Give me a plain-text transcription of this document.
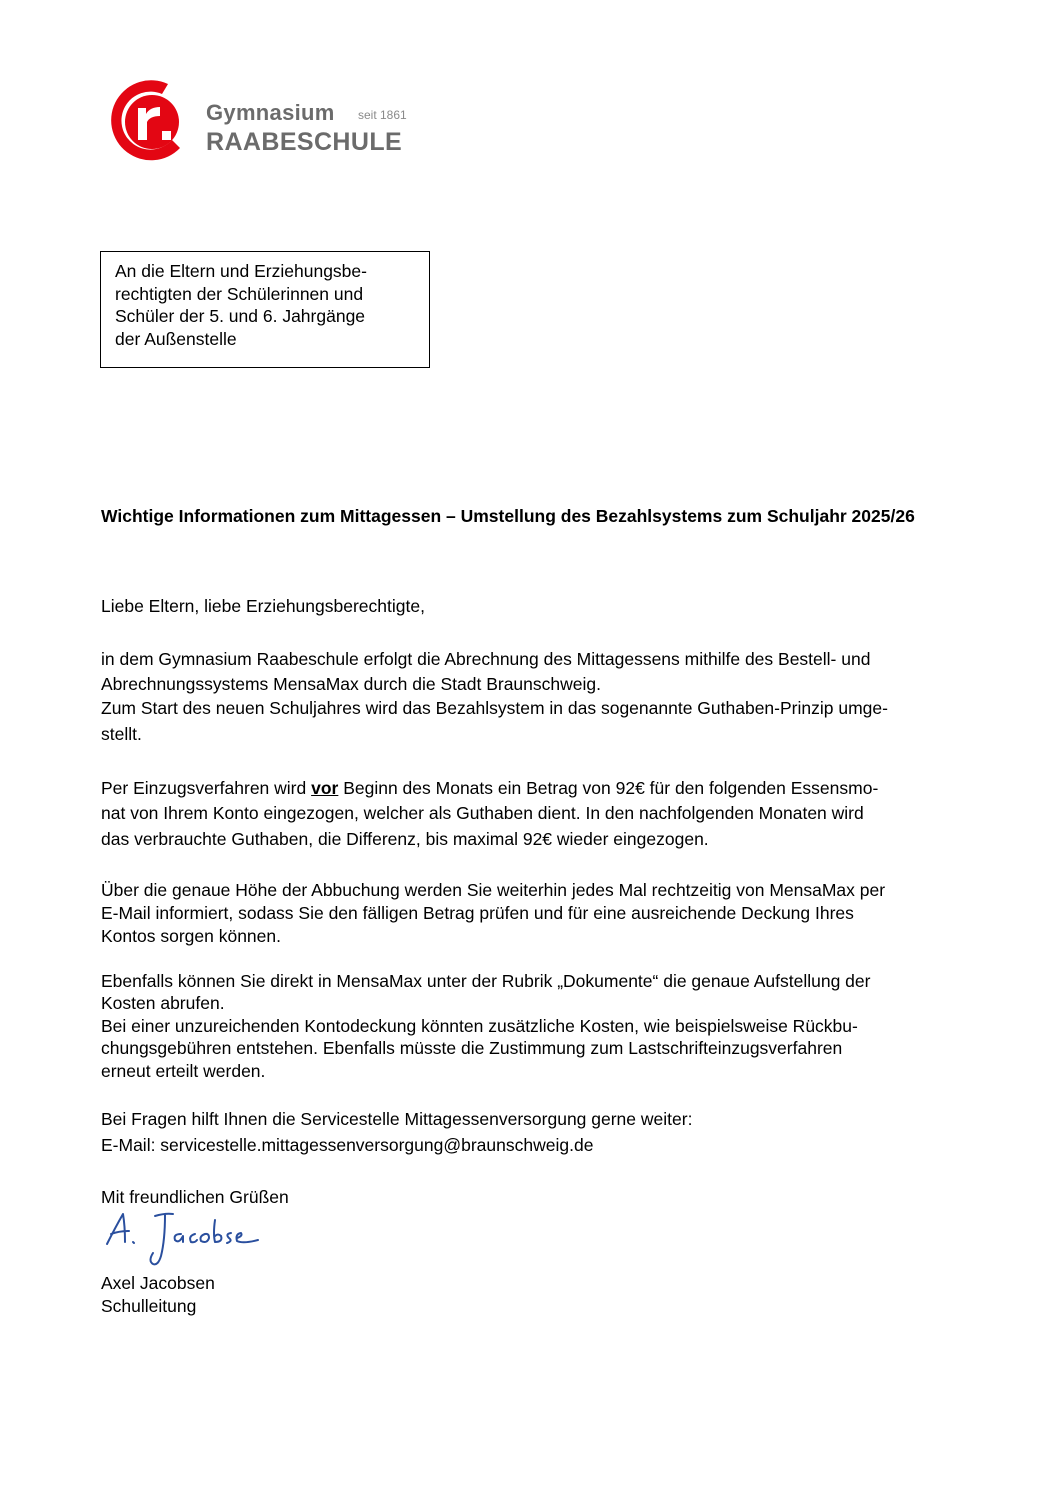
Gymnasium seit 1861
RAABESCHULE
An die Eltern und Erziehungsbe-
rechtigten der Schülerinnen und
Schüler der 5. und 6. Jahrgänge
der Außenstelle
Wichtige Informationen zum Mittagessen – Umstellung des Bezahlsystems zum Schuljahr 2025/26
Liebe Eltern, liebe Erziehungsberechtigte,
in dem Gymnasium Raabeschule erfolgt die Abrechnung des Mittagessens mithilfe des Bestell- und
Abrechnungssystems MensaMax durch die Stadt Braunschweig.
Zum Start des neuen Schuljahres wird das Bezahlsystem in das sogenannte Guthaben-Prinzip umge-
stellt.
Per Einzugsverfahren wird vor Beginn des Monats ein Betrag von 92€ für den folgenden Essensmo-
nat von Ihrem Konto eingezogen, welcher als Guthaben dient. In den nachfolgenden Monaten wird
das verbrauchte Guthaben, die Differenz, bis maximal 92€ wieder eingezogen.
Über die genaue Höhe der Abbuchung werden Sie weiterhin jedes Mal rechtzeitig von MensaMax per
E-Mail informiert, sodass Sie den fälligen Betrag prüfen und für eine ausreichende Deckung Ihres
Kontos sorgen können.
Ebenfalls können Sie direkt in MensaMax unter der Rubrik „Dokumente“ die genaue Aufstellung der
Kosten abrufen.
Bei einer unzureichenden Kontodeckung könnten zusätzliche Kosten, wie beispielsweise Rückbu-
chungsgebühren entstehen. Ebenfalls müsste die Zustimmung zum Lastschrifteinzugsverfahren
erneut erteilt werden.
Bei Fragen hilft Ihnen die Servicestelle Mittagessenversorgung gerne weiter:
E-Mail: servicestelle.mittagessenversorgung@braunschweig.de
Mit freundlichen Grüßen
Axel Jacobsen
Schulleitung
